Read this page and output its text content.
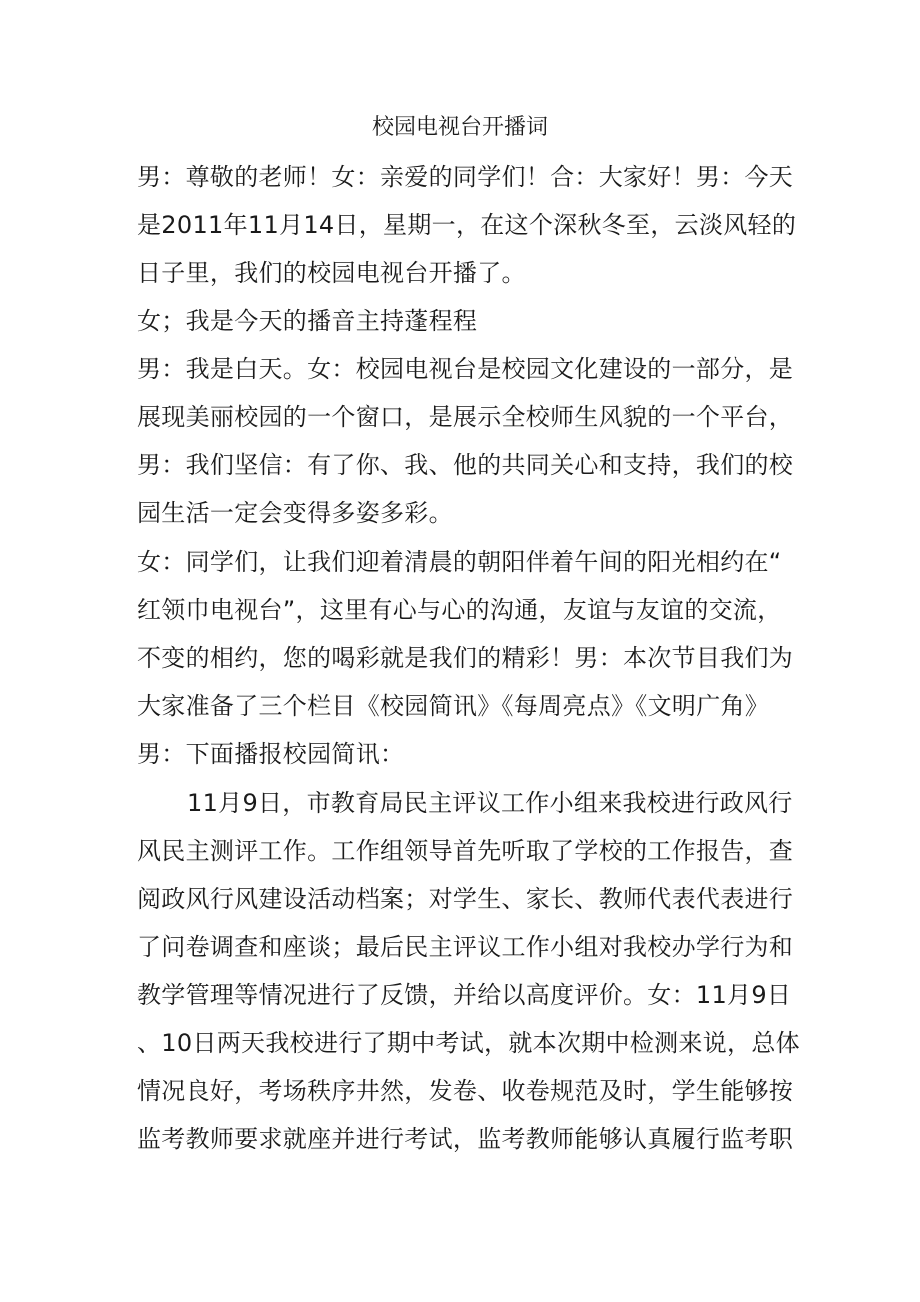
校园电视台开播词
男：尊敬的老师！女：亲爱的同学们！合：大家好！男：今天
是2011年11月14日，星期一，在这个深秋冬至，云淡风轻的
日子里，我们的校园电视台开播了。
女；我是今天的播音主持蓬程程
男：我是白天。女：校园电视台是校园文化建设的一部分，是
展现美丽校园的一个窗口，是展示全校师生风貌的一个平台，
男：我们坚信：有了你、我、他的共同关心和支持，我们的校
园生活一定会变得多姿多彩。
女：同学们，让我们迎着清晨的朝阳伴着午间的阳光相约在“
红领巾电视台”，这里有心与心的沟通，友谊与友谊的交流，
不变的相约，您的喝彩就是我们的精彩！男：本次节目我们为
大家准备了三个栏目《校园简讯》《每周亮点》《文明广角》
男：下面播报校园简讯：
11月9日，市教育局民主评议工作小组来我校进行政风行
风民主测评工作。工作组领导首先听取了学校的工作报告，查
阅政风行风建设活动档案；对学生、家长、教师代表代表进行
了问卷调查和座谈；最后民主评议工作小组对我校办学行为和
教学管理等情况进行了反馈，并给以高度评价。女：11月9日
、10日两天我校进行了期中考试，就本次期中检测来说，总体
情况良好，考场秩序井然，发卷、收卷规范及时，学生能够按
监考教师要求就座并进行考试，监考教师能够认真履行监考职
